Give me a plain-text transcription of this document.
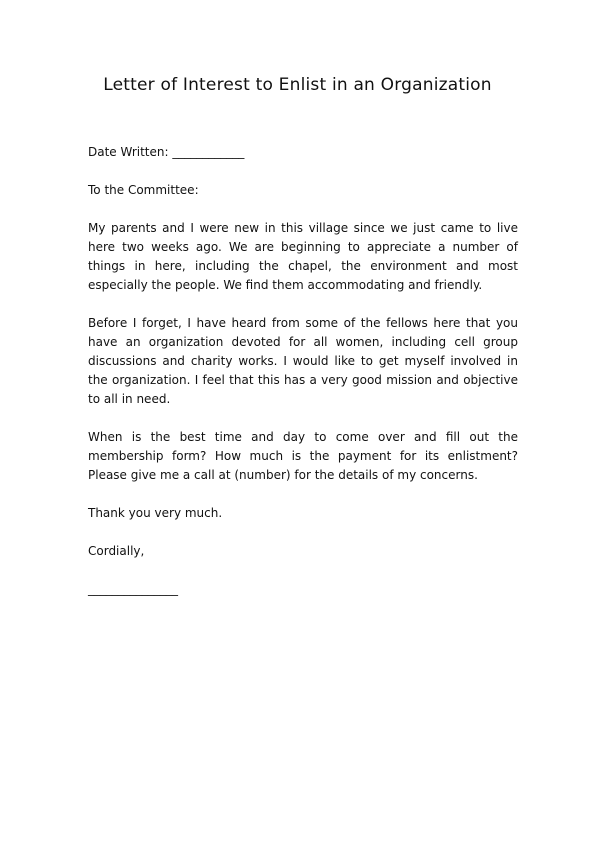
Letter of Interest to Enlist in an Organization

Date Written: ____________

To the Committee:

My parents and I were new in this village since we just came to live here two weeks ago. We are beginning to appreciate a number of things in here, including the chapel, the environment and most especially the people. We find them accommodating and friendly.

Before I forget, I have heard from some of the fellows here that you have an organization devoted for all women, including cell group discussions and charity works. I would like to get myself involved in the organization. I feel that this has a very good mission and objective to all in need.

When is the best time and day to come over and fill out the membership form? How much is the payment for its enlistment? Please give me a call at (number) for the details of my concerns.

Thank you very much.

Cordially,

_______________
